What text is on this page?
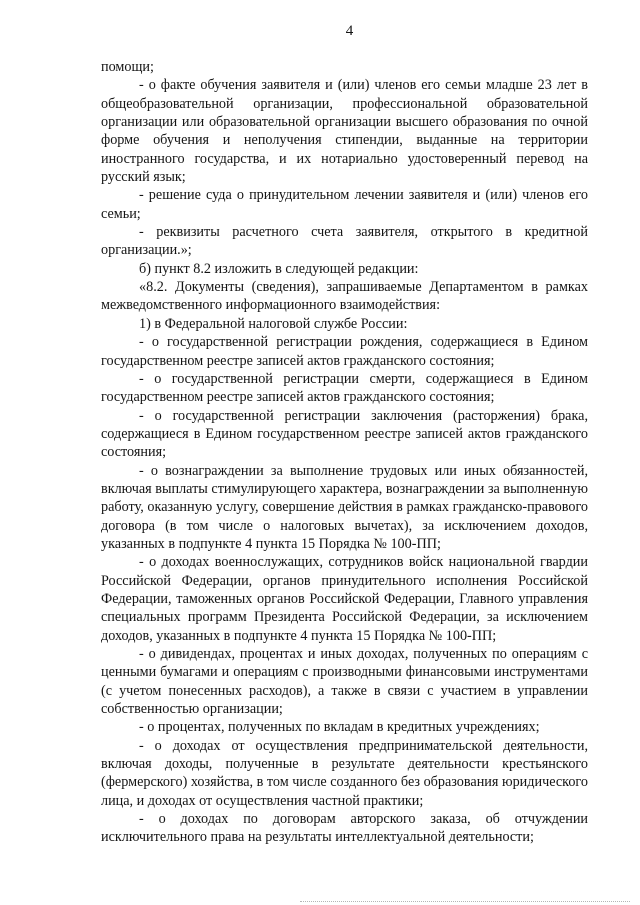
4

помощи;

- о факте обучения заявителя и (или) членов его семьи младше 23 лет в общеобразовательной организации, профессиональной образовательной организации или образовательной организации высшего образования по очной форме обучения и неполучения стипендии, выданные на территории иностранного государства, и их нотариально удостоверенный перевод на русский язык;

- решение суда о принудительном лечении заявителя и (или) членов его семьи;

- реквизиты расчетного счета заявителя, открытого в кредитной организации.»;

б) пункт 8.2 изложить в следующей редакции:

«8.2. Документы (сведения), запрашиваемые Департаментом в рамках межведомственного информационного взаимодействия:

1) в Федеральной налоговой службе России:

- о государственной регистрации рождения, содержащиеся в Едином государственном реестре записей актов гражданского состояния;

- о государственной регистрации смерти, содержащиеся в Едином государственном реестре записей актов гражданского состояния;

- о государственной регистрации заключения (расторжения) брака, содержащиеся в Едином государственном реестре записей актов гражданского состояния;

- о вознаграждении за выполнение трудовых или иных обязанностей, включая выплаты стимулирующего характера, вознаграждении за выполненную работу, оказанную услугу, совершение действия в рамках гражданско-правового договора (в том числе о налоговых вычетах), за исключением доходов, указанных в подпункте 4 пункта 15 Порядка № 100-ПП;

- о доходах военнослужащих, сотрудников войск национальной гвардии Российской Федерации, органов принудительного исполнения Российской Федерации, таможенных органов Российской Федерации, Главного управления специальных программ Президента Российской Федерации, за исключением доходов, указанных в подпункте 4 пункта 15 Порядка № 100-ПП;

- о дивидендах, процентах и иных доходах, полученных по операциям с ценными бумагами и операциям с производными финансовыми инструментами (с учетом понесенных расходов), а также в связи с участием в управлении собственностью организации;

- о процентах, полученных по вкладам в кредитных учреждениях;

- о доходах от осуществления предпринимательской деятельности, включая доходы, полученные в результате деятельности крестьянского (фермерского) хозяйства, в том числе созданного без образования юридического лица, и доходах от осуществления частной практики;

- о доходах по договорам авторского заказа, об отчуждении исключительного права на результаты интеллектуальной деятельности;
